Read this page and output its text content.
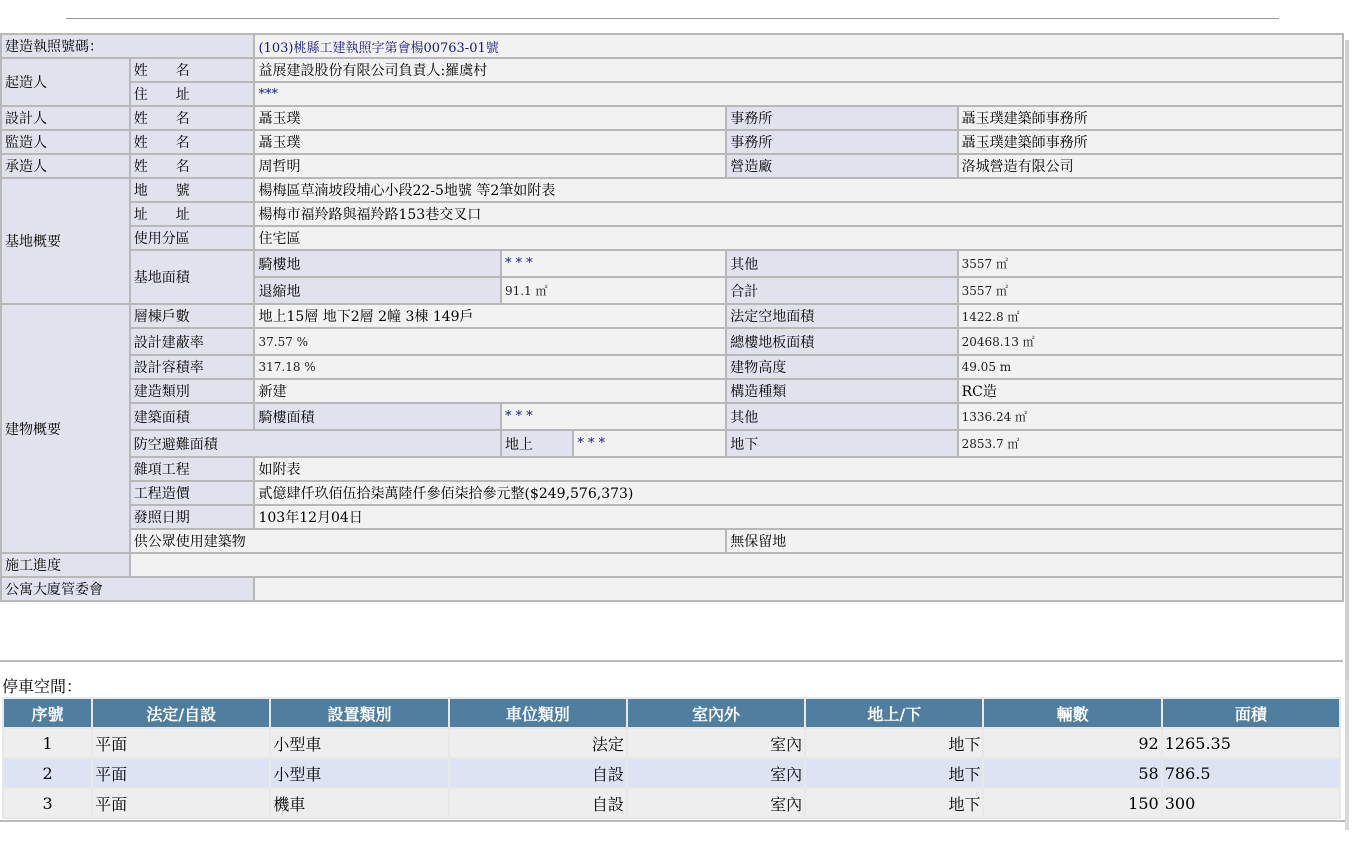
建造執照號碼：		(103)桃縣工建執照字第會楊00763-01號				
起造人	姓　　名	益展建設股份有限公司負責人:羅虞村				
	住　　址	***				
設計人	姓　　名	聶玉璞			事務所	聶玉璞建築師事務所
監造人	姓　　名	聶玉璞			事務所	聶玉璞建築師事務所
承造人	姓　　名	周哲明			營造廠	洛城營造有限公司
基地概要	地　　號	楊梅區草湳坡段埔心小段22-5地號 等2筆如附表				
	址　　址	楊梅市福羚路與福羚路153巷交叉口				
	使用分區	住宅區				
	基地面積	騎樓地	* * *		其他	3557 ㎡
		退縮地	91.1 ㎡		合計	3557 ㎡
建物概要	層棟戶數	地上15層 地下2層 2幢 3棟 149戶			法定空地面積	1422.8 ㎡
	設計建蔽率	37.57 %			總樓地板面積	20468.13 ㎡
	設計容積率	317.18 %			建物高度	49.05 m
	建造類別	新建			構造種類	RC造
	建築面積	騎樓面積	* * *		其他	1336.24 ㎡
	防空避難面積		地上	* * *	地下	2853.7 ㎡
	雜項工程	如附表				
	工程造價	貳億肆仟玖佰伍拾柒萬陸仟參佰柒拾參元整($249,576,373)				
	發照日期	103年12月04日				
	供公眾使用建築物				無保留地	
施工進度						
公寓大廈管委會						
停車空間：
序號	法定/自設	設置類別	車位類別	室內外	地上/下	輛數	面積
1	平面	小型車	法定	室內	地下	92	1265.35
2	平面	小型車	自設	室內	地下	58	786.5
3	平面	機車	自設	室內	地下	150	300
